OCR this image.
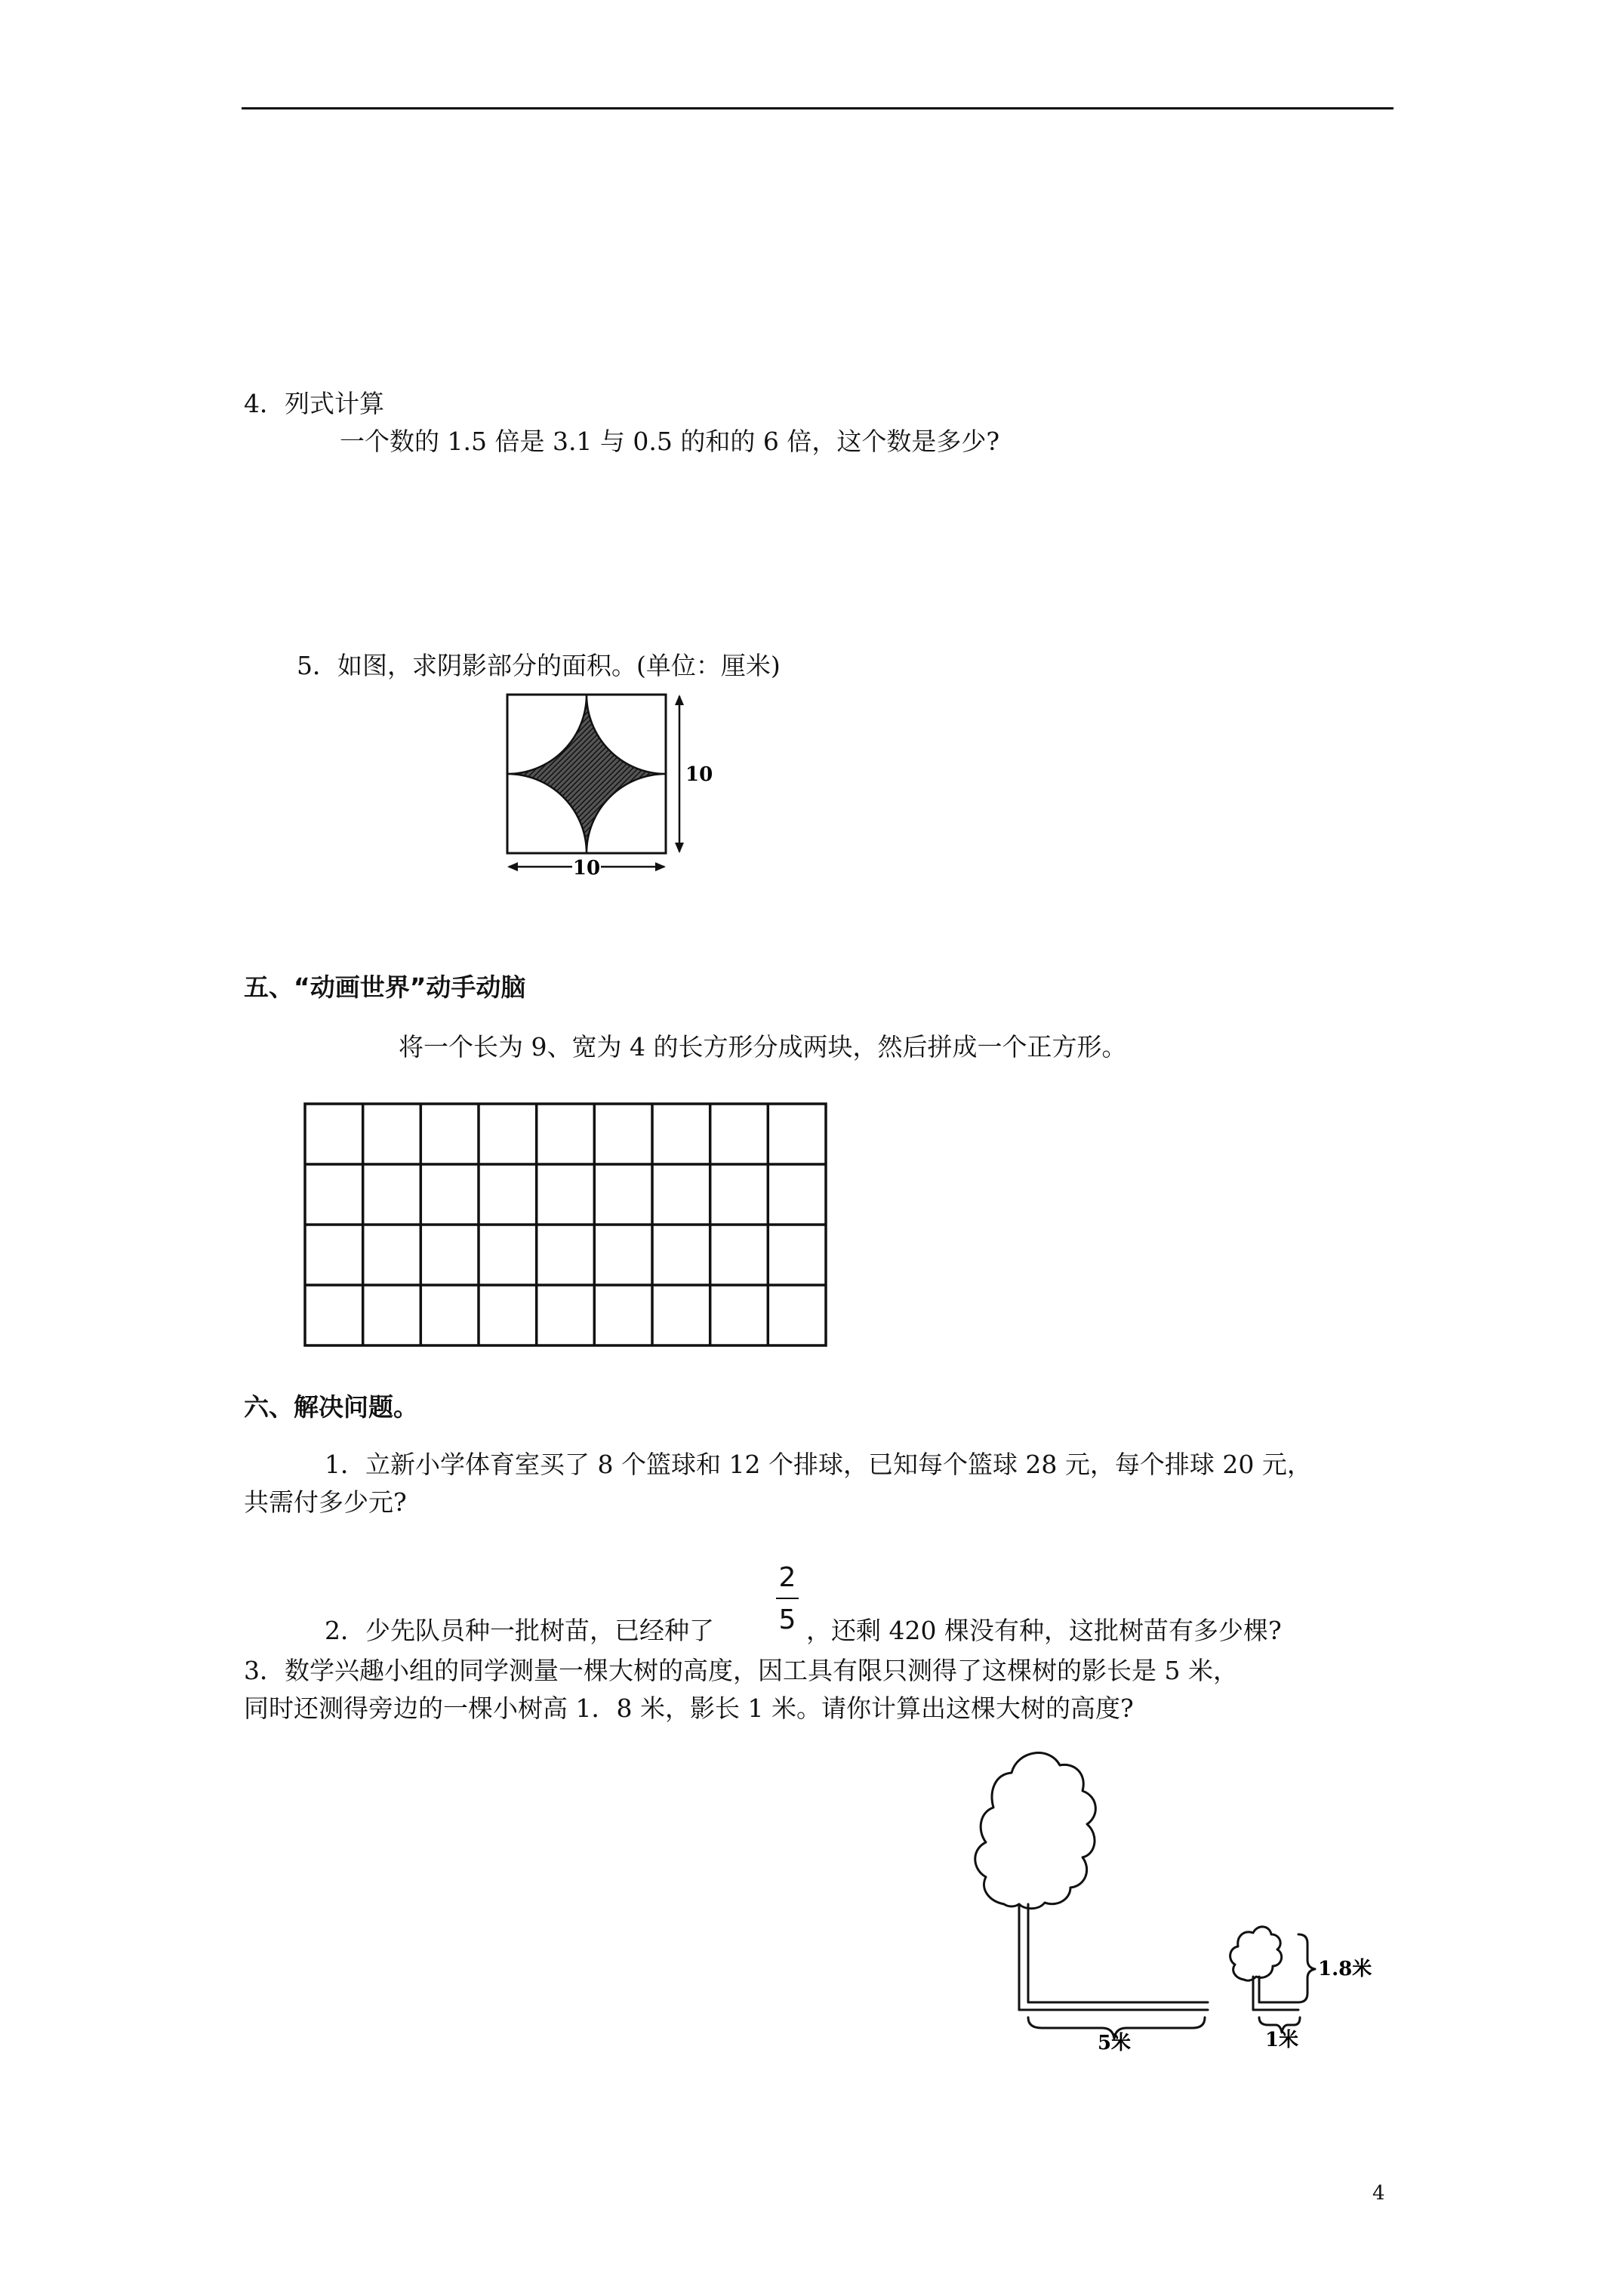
4．列式计算
一个数的 1.5 倍是 3.1 与 0.5 的和的 6 倍，这个数是多少?
5．如图，求阴影部分的面积。(单位：厘米)
10
10
五、“动画世界”动手动脑
将一个长为 9、宽为 4 的长方形分成两块，然后拼成一个正方形。
六、解决问题。
1．立新小学体育室买了 8 个篮球和 12 个排球，已知每个篮球 28 元，每个排球 20 元，
共需付多少元?
2．少先队员种一批树苗，已经种了
2
5 ，还剩 420 棵没有种，这批树苗有多少棵?
3．数学兴趣小组的同学测量一棵大树的高度，因工具有限只测得了这棵树的影长是 5 米，
同时还测得旁边的一棵小树高 1．8 米，影长 1 米。请你计算出这棵大树的高度?
5米
1.8米
1米
4
